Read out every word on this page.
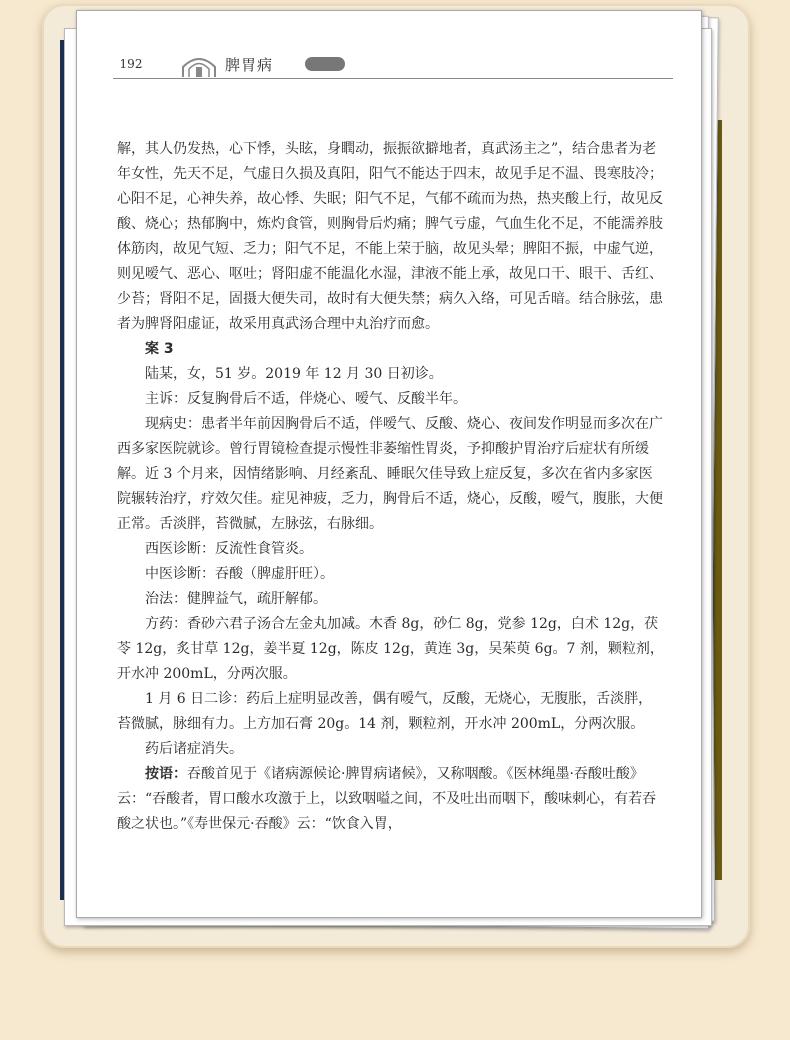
192	脾胃病

解，其人仍发热，心下悸，头眩，身瞤动，振振欲擗地者，真武汤主之”，结合患者为老年女性，先天不足，气虚日久损及真阳，阳气不能达于四末，故见手足不温、畏寒肢冷；心阳不足，心神失养，故心悸、失眠；阳气不足，气郁不疏而为热，热夹酸上行，故见反酸、烧心；热郁胸中，炼灼食管，则胸骨后灼痛；脾气亏虚，气血生化不足，不能濡养肢体筋肉，故见气短、乏力；阳气不足，不能上荣于脑，故见头晕；脾阳不振，中虚气逆，则见嗳气、恶心、呕吐；肾阳虚不能温化水湿，津液不能上承，故见口干、眼干、舌红、少苔；肾阳不足，固摄大便失司，故时有大便失禁；病久入络，可见舌暗。结合脉弦，患者为脾肾阳虚证，故采用真武汤合理中丸治疗而愈。

案 3

陆某，女，51 岁。2019 年 12 月 30 日初诊。

主诉：反复胸骨后不适，伴烧心、嗳气、反酸半年。

现病史：患者半年前因胸骨后不适，伴嗳气、反酸、烧心、夜间发作明显而多次在广西多家医院就诊。曾行胃镜检查提示慢性非萎缩性胃炎，予抑酸护胃治疗后症状有所缓解。近 3 个月来，因情绪影响、月经紊乱、睡眠欠佳导致上症反复，多次在省内多家医院辗转治疗，疗效欠佳。症见神疲，乏力，胸骨后不适，烧心，反酸，嗳气，腹胀，大便正常。舌淡胖，苔微腻，左脉弦，右脉细。

西医诊断：反流性食管炎。

中医诊断：吞酸（脾虚肝旺）。

治法：健脾益气，疏肝解郁。

方药：香砂六君子汤合左金丸加减。木香 8g，砂仁 8g，党参 12g，白术 12g，茯苓 12g，炙甘草 12g，姜半夏 12g，陈皮 12g，黄连 3g，吴茱萸 6g。7 剂，颗粒剂，开水冲 200mL，分两次服。

1 月 6 日二诊：药后上症明显改善，偶有嗳气，反酸，无烧心，无腹胀，舌淡胖，苔微腻，脉细有力。上方加石膏 20g。14 剂，颗粒剂，开水冲 200mL，分两次服。

药后诸症消失。

按语：吞酸首见于《诸病源候论·脾胃病诸候》，又称咽酸。《医林绳墨·吞酸吐酸》云：“吞酸者，胃口酸水攻激于上，以致咽嗌之间，不及吐出而咽下，酸味刺心，有若吞酸之状也。”《寿世保元·吞酸》云：“饮食入胃，
